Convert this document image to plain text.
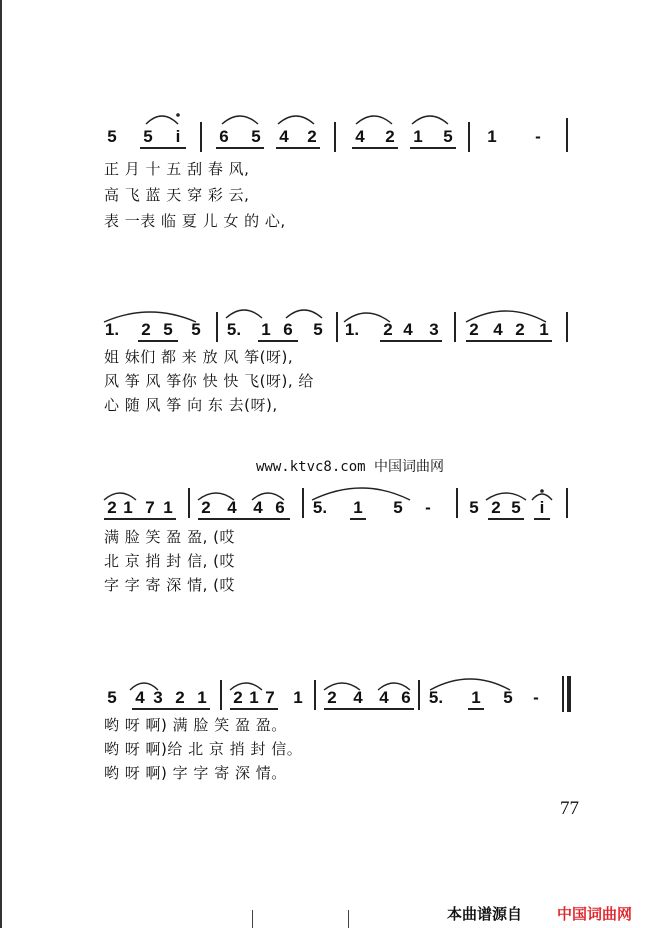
5 5	i	6 5 4 2 4 2 1 5 1	-
正 月 十 五 刮 春 风,
高 飞 蓝 天 穿 彩 云,
表 一表 临 夏 儿 女 的 心,
1. 2 5 5 5. 1 6 5 1. 2 4 3 2 4 2 1
姐 妹们 都 来 放 风 筝(呀),
风 筝 风 筝你 快 快 飞(呀), 给
心 随 风 筝 向 东 去(呀),
www.ktvc8.com 中国词曲网
2 1 7 1 2 4 4 6 5. 1 5	-	5 2 5	i
满 脸 笑 盈 盈, (哎
北 京 捎 封 信, (哎
字 字 寄 深 情, (哎
5 4 3 2 1 2 1 7 1 2 4 4 6 5. 1 5	-
哟 呀 啊) 满 脸 笑 盈 盈。
哟 呀 啊)给 北 京 捎 封 信。
哟 呀 啊) 字 字 寄 深 情。
77
本曲谱源自 中国词曲网
